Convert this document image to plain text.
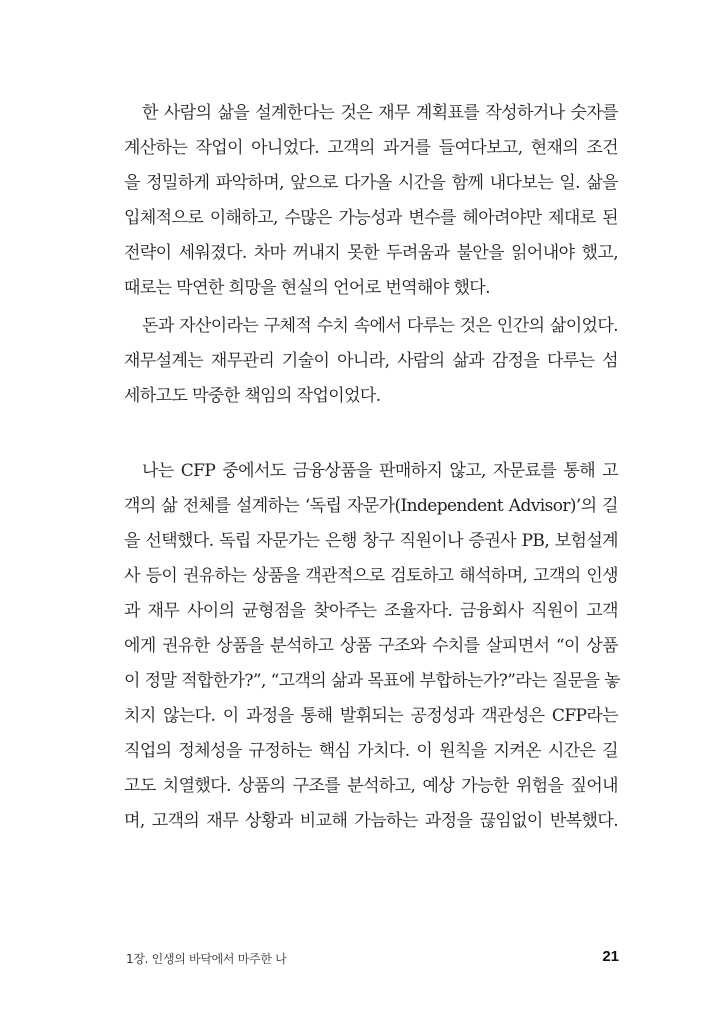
한 사람의 삶을 설계한다는 것은 재무 계획표를 작성하거나 숫자를
계산하는 작업이 아니었다. 고객의 과거를 들여다보고, 현재의 조건
을 정밀하게 파악하며, 앞으로 다가올 시간을 함께 내다보는 일. 삶을
입체적으로 이해하고, 수많은 가능성과 변수를 헤아려야만 제대로 된
전략이 세워졌다. 차마 꺼내지 못한 두려움과 불안을 읽어내야 했고,
때로는 막연한 희망을 현실의 언어로 번역해야 했다.
돈과 자산이라는 구체적 수치 속에서 다루는 것은 인간의 삶이었다.
재무설계는 재무관리 기술이 아니라, 사람의 삶과 감정을 다루는 섬
세하고도 막중한 책임의 작업이었다.
나는 CFP 중에서도 금융상품을 판매하지 않고, 자문료를 통해 고
객의 삶 전체를 설계하는 ‘독립 자문가(Independent Advisor)’의 길
을 선택했다. 독립 자문가는 은행 창구 직원이나 증권사 PB, 보험설계
사 등이 권유하는 상품을 객관적으로 검토하고 해석하며, 고객의 인생
과 재무 사이의 균형점을 찾아주는 조율자다. 금융회사 직원이 고객
에게 권유한 상품을 분석하고 상품 구조와 수치를 살피면서 “이 상품
이 정말 적합한가?”, “고객의 삶과 목표에 부합하는가?”라는 질문을 놓
치지 않는다. 이 과정을 통해 발휘되는 공정성과 객관성은 CFP라는
직업의 정체성을 규정하는 핵심 가치다. 이 원칙을 지켜온 시간은 길
고도 치열했다. 상품의 구조를 분석하고, 예상 가능한 위험을 짚어내
며, 고객의 재무 상황과 비교해 가늠하는 과정을 끊임없이 반복했다.
1장. 인생의 바닥에서 마주한 나	21
